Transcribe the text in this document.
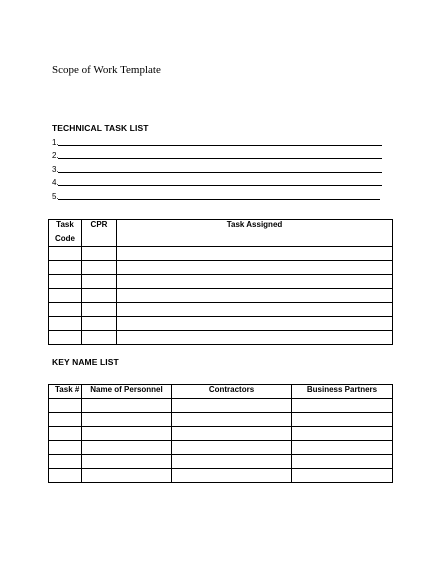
Scope of Work Template
TECHNICAL TASK LIST
1.
2.
3.
4.
5.
Task
Code	CPR	Task Assigned

KEY NAME LIST
Task #	Name of Personnel	Contractors	Business Partners
